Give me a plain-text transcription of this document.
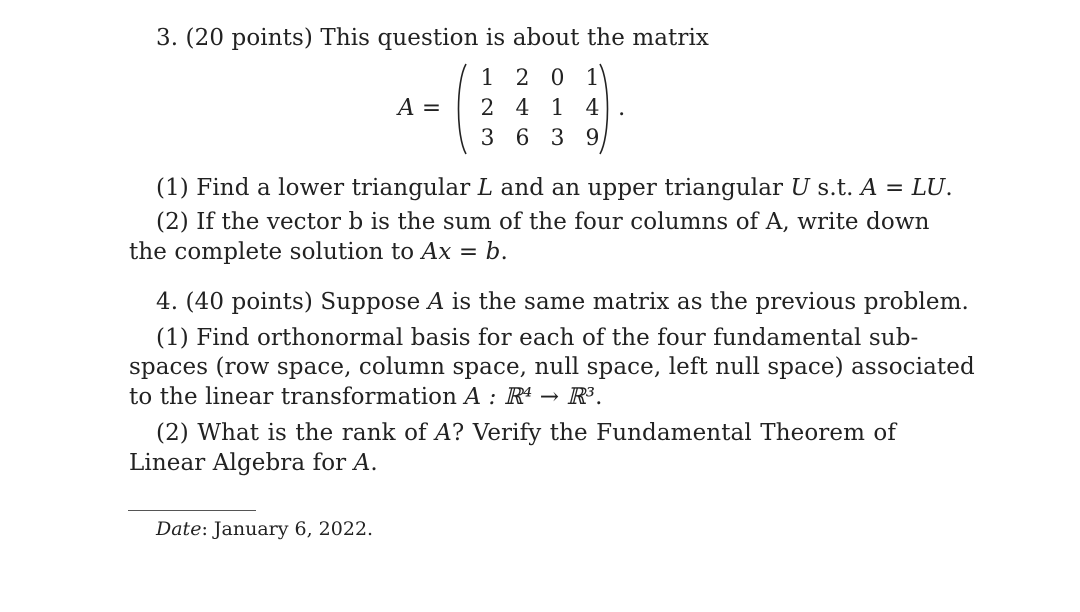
3. (20 points) This question is about the matrix
A =
1 2 0 1
2 4 1 4
3 6 3 9
.
(1) Find a lower triangular L and an upper triangular U s.t. A = LU.
(2) If the vector b is the sum of the four columns of A, write down
the complete solution to Ax = b.
4. (40 points) Suppose A is the same matrix as the previous problem.
(1) Find orthonormal basis for each of the four fundamental sub-
spaces (row space, column space, null space, left null space) associated
to the linear transformation A : ℝ⁴ → ℝ³.
(2) What is the rank of A? Verify the Fundamental Theorem of
Linear Algebra for A.
Date: January 6, 2022.
